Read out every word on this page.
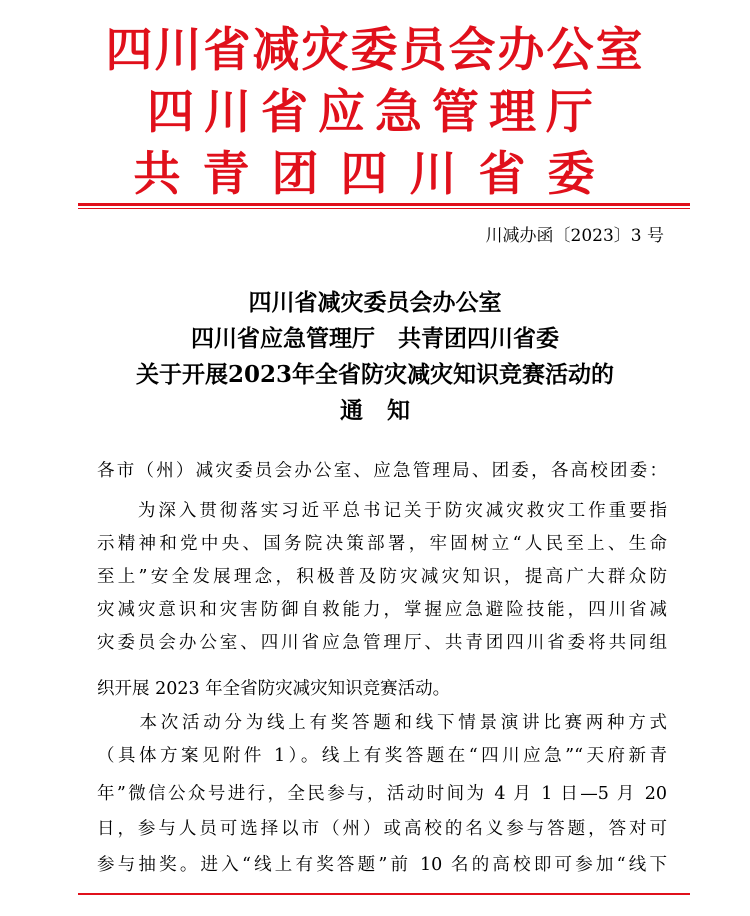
四川省减灾委员会办公室
四川省应急管理厅
共青团四川省委
川减办函〔2023〕3 号
四川省减灾委员会办公室
四川省应急管理厅　共青团四川省委
关于开展2023年全省防灾减灾知识竞赛活动的
通知
各市（州）减灾委员会办公室、应急管理局、团委，各高校团委：
　　为深入贯彻落实习近平总书记关于防灾减灾救灾工作重要指
示精神和党中央、国务院决策部署，牢固树立“人民至上、生命
至上”安全发展理念，积极普及防灾减灾知识，提高广大群众防
灾减灾意识和灾害防御自救能力，掌握应急避险技能，四川省减
灾委员会办公室、四川省应急管理厅、共青团四川省委将共同组
织开展 2023 年全省防灾减灾知识竞赛活动。
　　本次活动分为线上有奖答题和线下情景演讲比赛两种方式
（具体方案见附件 1）。线上有奖答题在“四川应急”“天府新青
年”微信公众号进行，全民参与，活动时间为 4 月 1 日—5 月 20
日，参与人员可选择以市（州）或高校的名义参与答题，答对可
参与抽奖。进入“线上有奖答题”前 10 名的高校即可参加“线下
